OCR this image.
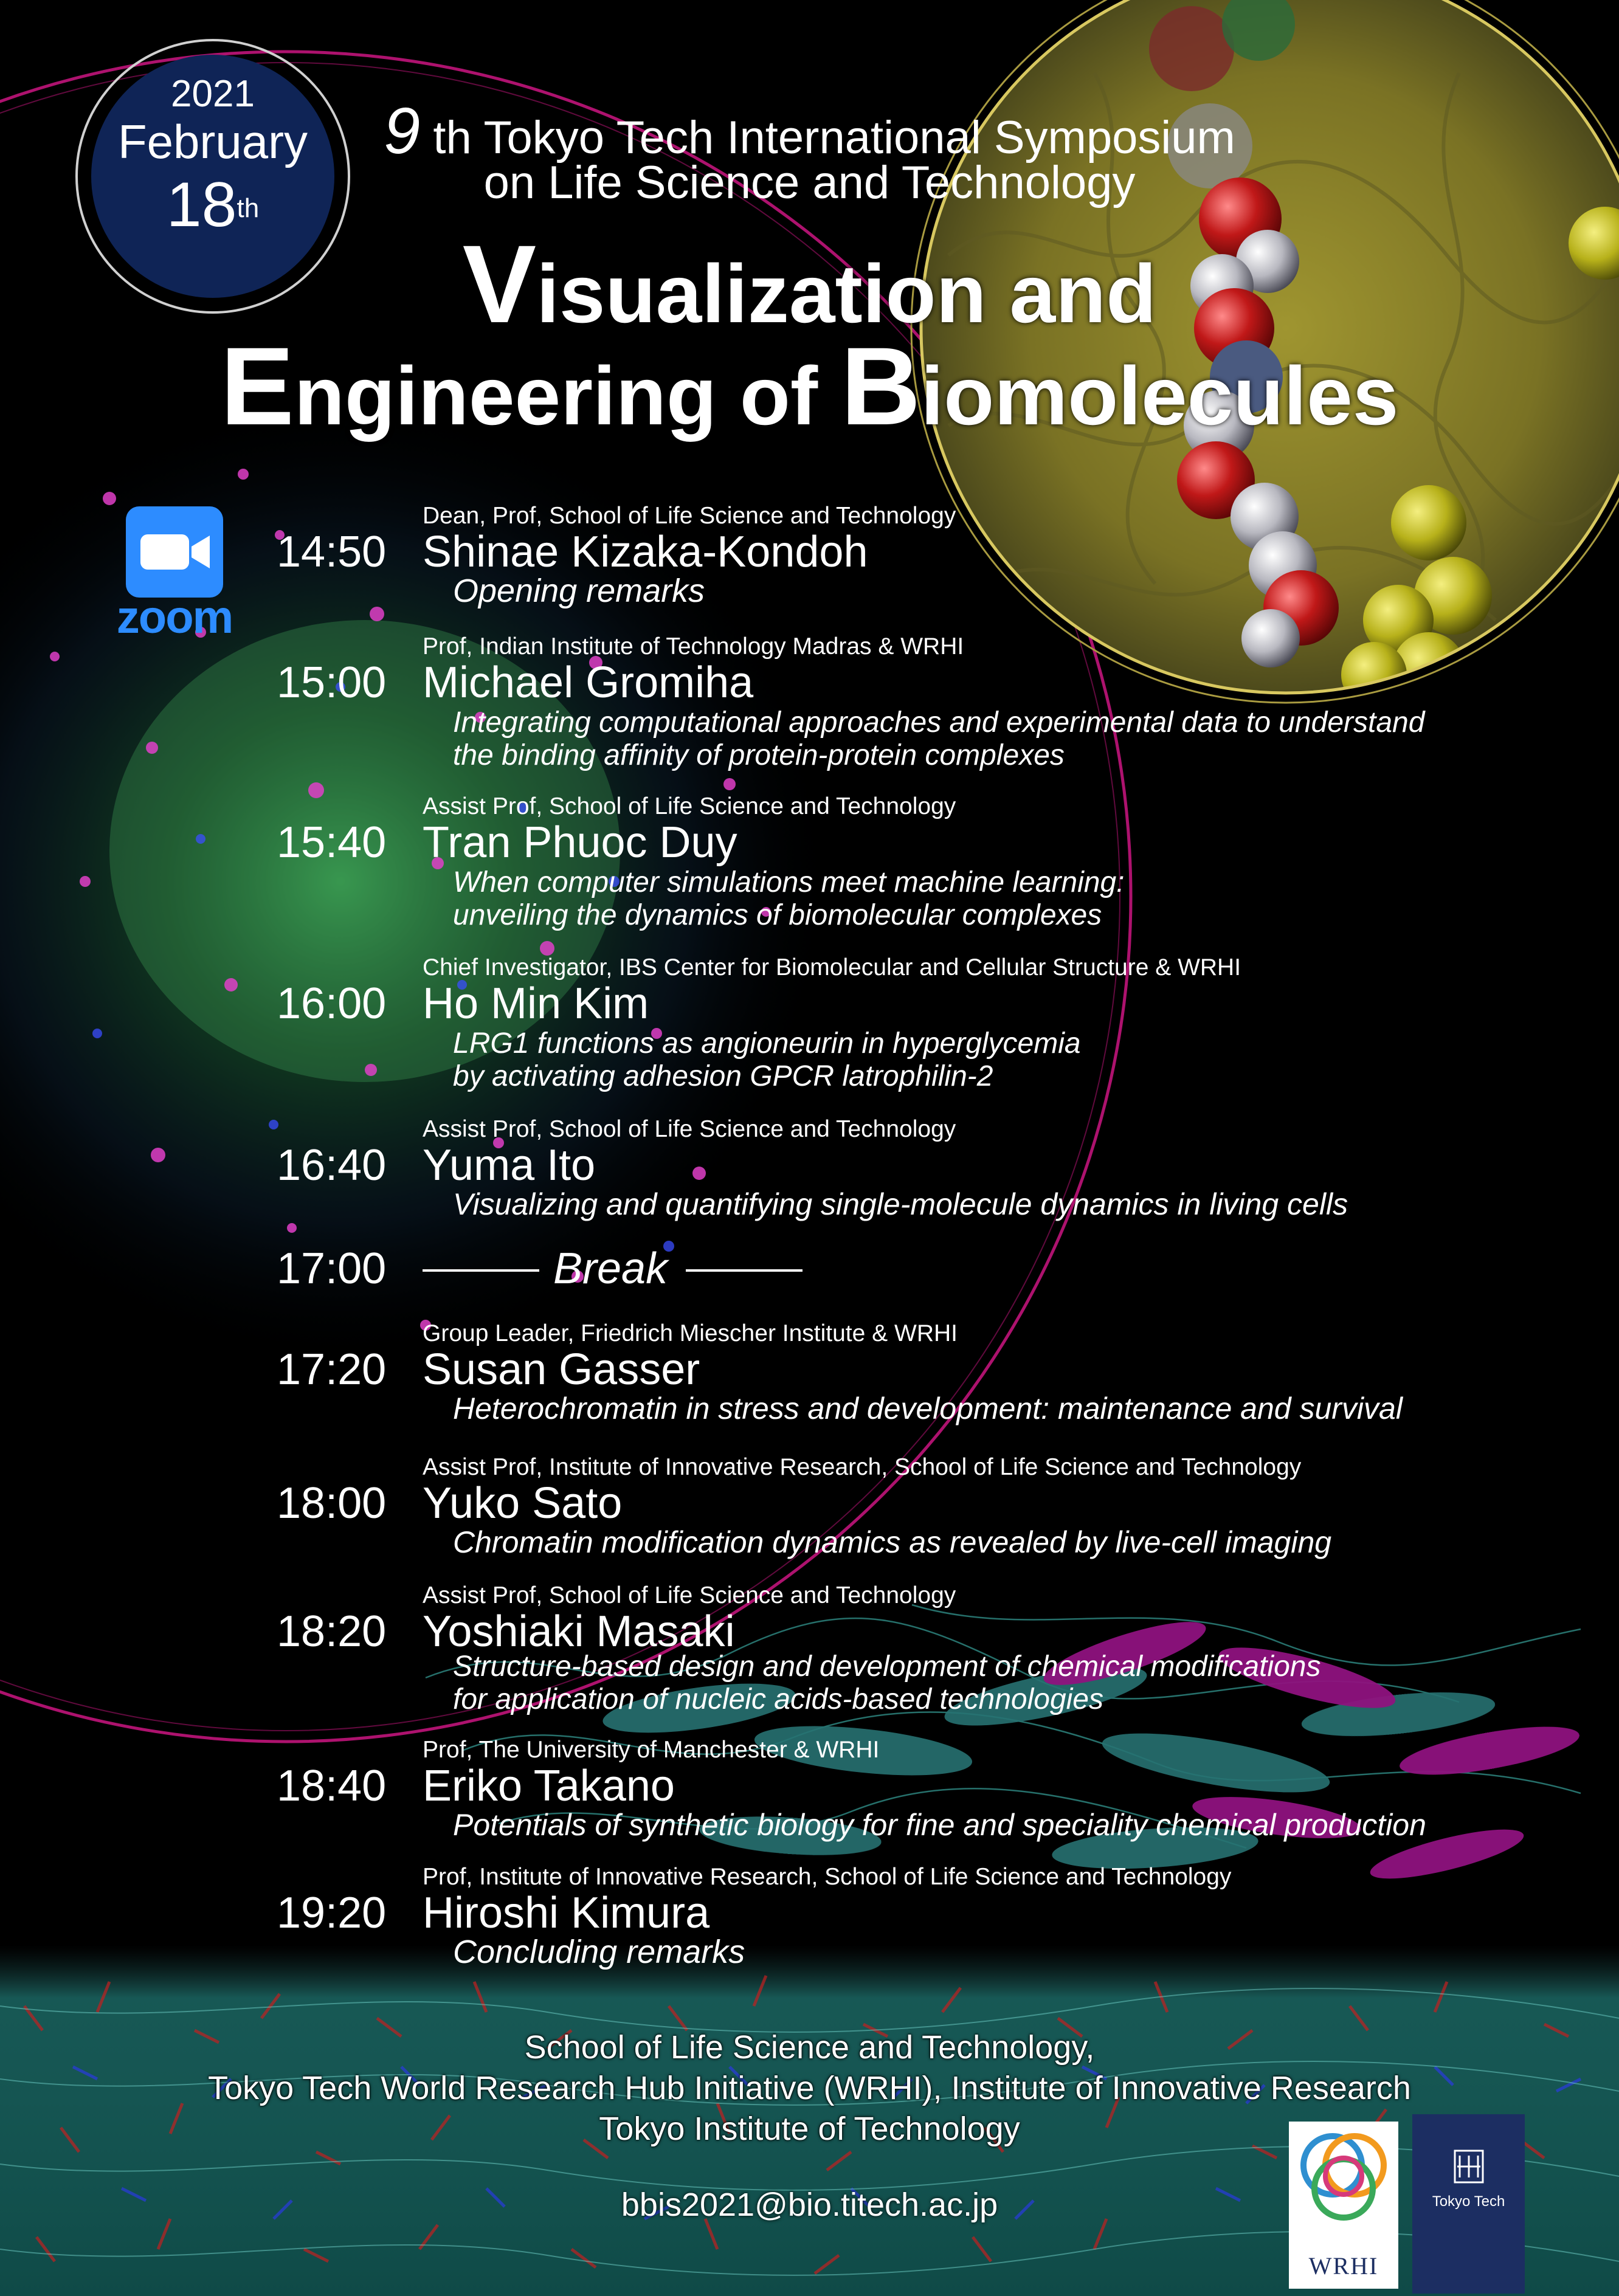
2021
February
18th
9 th Tokyo Tech International Symposium
on Life Science and Technology
Visualization and
Engineering of Biomolecules
zoom
Dean, Prof, School of Life Science and Technology
14:50 Shinae Kizaka-Kondoh
Opening remarks
Prof, Indian Institute of Technology Madras & WRHI
15:00 Michael Gromiha
Integrating computational approaches and experimental data to understand
the binding affinity of protein-protein complexes
Assist Prof, School of Life Science and Technology
15:40 Tran Phuoc Duy
When computer simulations meet machine learning:
unveiling the dynamics of biomolecular complexes
Chief Investigator, IBS Center for Biomolecular and Cellular Structure & WRHI
16:00 Ho Min Kim
LRG1 functions as angioneurin in hyperglycemia
by activating adhesion GPCR latrophilin-2
Assist Prof, School of Life Science and Technology
16:40 Yuma Ito
Visualizing and quantifying single-molecule dynamics in living cells
17:00	Break
Group Leader, Friedrich Miescher Institute & WRHI
17:20 Susan Gasser
Heterochromatin in stress and development: maintenance and survival
Assist Prof, Institute of Innovative Research, School of Life Science and Technology
18:00 Yuko Sato
Chromatin modification dynamics as revealed by live-cell imaging
Assist Prof, School of Life Science and Technology
18:20 Yoshiaki Masaki
Structure-based design and development of chemical modifications
for application of nucleic acids-based technologies
Prof, The University of Manchester & WRHI
18:40 Eriko Takano
Potentials of synthetic biology for fine and speciality chemical production
Prof, Institute of Innovative Research, School of Life Science and Technology
19:20 Hiroshi Kimura
Concluding remarks
School of Life Science and Technology,
Tokyo Tech World Research Hub Initiative (WRHI), Institute of Innovative Research
Tokyo Institute of Technology
bbis2021@bio.titech.ac.jp
WRHI
Tokyo Tech
